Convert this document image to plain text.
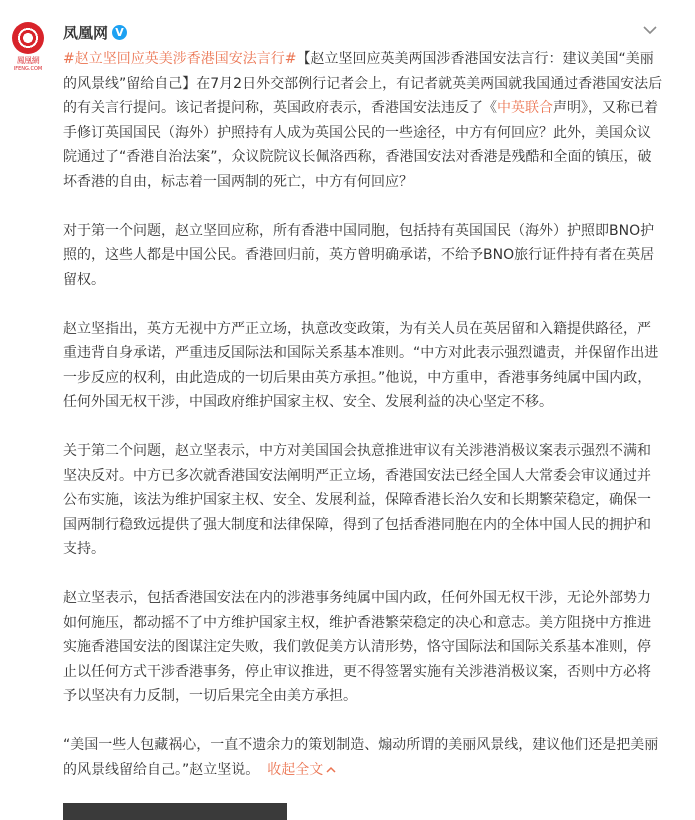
鳳凰網
IFENG.COM
凤凰网 V

#赵立坚回应英美涉香港国安法言行#【赵立坚回应英美两国涉香港国安法言行：建议美国“美丽的风景线”留给自己】在7月2日外交部例行记者会上，有记者就英美两国就我国通过香港国安法后的有关言行提问。该记者提问称，英国政府表示，香港国安法违反了《中英联合声明》，又称已着手修订英国国民（海外）护照持有人成为英国公民的一些途径，中方有何回应？此外，美国众议院通过了“香港自治法案”，众议院院议长佩洛西称，香港国安法对香港是残酷和全面的镇压，破坏香港的自由，标志着一国两制的死亡，中方有何回应？

对于第一个问题，赵立坚回应称，所有香港中国同胞，包括持有英国国民（海外）护照即BNO护照的，这些人都是中国公民。香港回归前，英方曾明确承诺，不给予BNO旅行证件持有者在英居留权。

赵立坚指出，英方无视中方严正立场，执意改变政策，为有关人员在英居留和入籍提供路径，严重违背自身承诺，严重违反国际法和国际关系基本准则。“中方对此表示强烈谴责，并保留作出进一步反应的权利，由此造成的一切后果由英方承担。”他说，中方重申，香港事务纯属中国内政，任何外国无权干涉，中国政府维护国家主权、安全、发展利益的决心坚定不移。

关于第二个问题，赵立坚表示，中方对美国国会执意推进审议有关涉港消极议案表示强烈不满和坚决反对。中方已多次就香港国安法阐明严正立场，香港国安法已经全国人大常委会审议通过并公布实施，该法为维护国家主权、安全、发展利益，保障香港长治久安和长期繁荣稳定，确保一国两制行稳致远提供了强大制度和法律保障，得到了包括香港同胞在内的全体中国人民的拥护和支持。

赵立坚表示，包括香港国安法在内的涉港事务纯属中国内政，任何外国无权干涉，无论外部势力如何施压，都动摇不了中方维护国家主权，维护香港繁荣稳定的决心和意志。美方阻挠中方推进实施香港国安法的图谋注定失败，我们敦促美方认清形势，恪守国际法和国际关系基本准则，停止以任何方式干涉香港事务，停止审议推进，更不得签署实施有关涉港消极议案，否则中方必将予以坚决有力反制，一切后果完全由美方承担。

“美国一些人包藏祸心，一直不遗余力的策划制造、煽动所谓的美丽风景线，建议他们还是把美丽的风景线留给自己。”赵立坚说。 收起全文
